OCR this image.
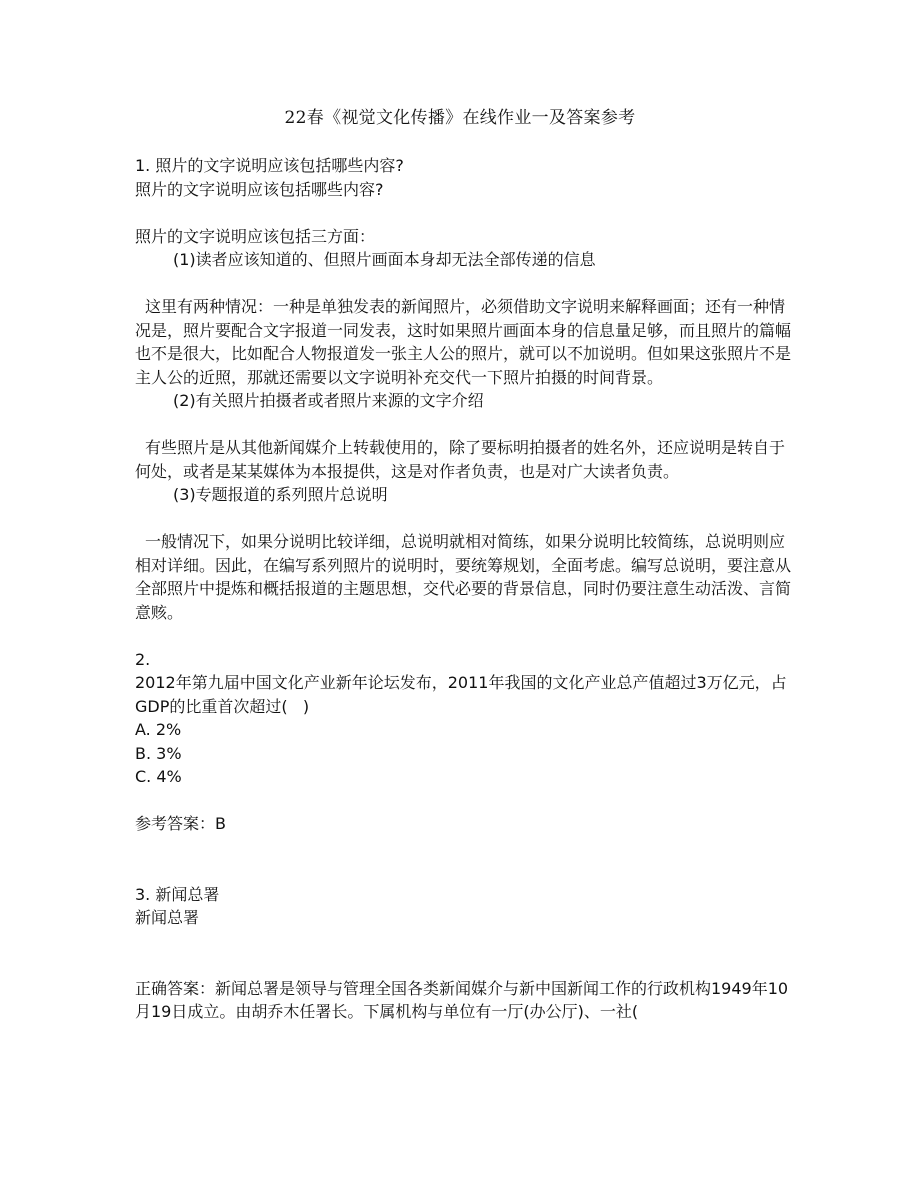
22春《视觉文化传播》在线作业一及答案参考

1. 照片的文字说明应该包括哪些内容?

照片的文字说明应该包括哪些内容?

照片的文字说明应该包括三方面：

(1)读者应该知道的、但照片画面本身却无法全部传递的信息

这里有两种情况：一种是单独发表的新闻照片，必须借助文字说明来解释画面；还有一种情况是，照片要配合文字报道一同发表，这时如果照片画面本身的信息量足够，而且照片的篇幅也不是很大，比如配合人物报道发一张主人公的照片，就可以不加说明。但如果这张照片不是主人公的近照，那就还需要以文字说明补充交代一下照片拍摄的时间背景。

(2)有关照片拍摄者或者照片来源的文字介绍

有些照片是从其他新闻媒介上转载使用的，除了要标明拍摄者的姓名外，还应说明是转自于何处，或者是某某媒体为本报提供，这是对作者负责，也是对广大读者负责。

(3)专题报道的系列照片总说明

一般情况下，如果分说明比较详细，总说明就相对简练，如果分说明比较简练，总说明则应相对详细。因此，在编写系列照片的说明时，要统筹规划，全面考虑。编写总说明，要注意从全部照片中提炼和概括报道的主题思想，交代必要的背景信息，同时仍要注意生动活泼、言简意赅。

2.

2012年第九届中国文化产业新年论坛发布，2011年我国的文化产业总产值超过3万亿元，占GDP的比重首次超过(   )

A. 2%

B. 3%

C. 4%

参考答案：B

3. 新闻总署

新闻总署

正确答案：新闻总署是领导与管理全国各类新闻媒介与新中国新闻工作的行政机构1949年10月19日成立。由胡乔木任署长。下属机构与单位有一厅(办公厅)、一社(
